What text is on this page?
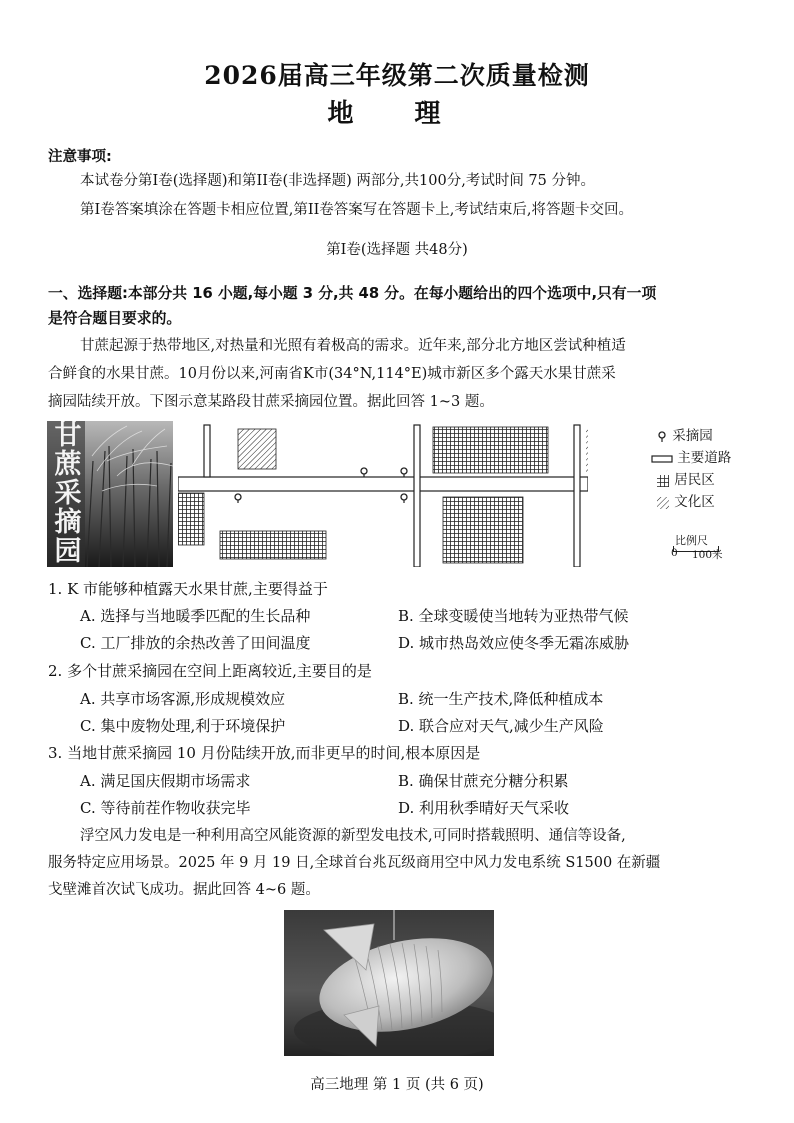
2026届高三年级第二次质量检测
地 理
注意事项:
本试卷分第I卷(选择题)和第II卷(非选择题) 两部分,共100分,考试时间 75 分钟。
第I卷答案填涂在答题卡相应位置,第II卷答案写在答题卡上,考试结束后,将答题卡交回。
第I卷(选择题 共48分)
一、选择题:本部分共 16 小题,每小题 3 分,共 48 分。在每小题给出的四个选项中,只有一项
是符合题目要求的。
甘蔗起源于热带地区,对热量和光照有着极高的需求。近年来,部分北方地区尝试种植适
合鲜食的水果甘蔗。10月份以来,河南省K市(34°N,114°E)城市新区多个露天水果甘蔗采
摘园陆续开放。下图示意某路段甘蔗采摘园位置。据此回答 1~3 题。
甘
蔗
采
摘
园
采摘园
主要道路
居民区
文化区
比例尺
0 100米
1. K 市能够种植露天水果甘蔗,主要得益于
A. 选择与当地暖季匹配的生长品种	B. 全球变暖使当地转为亚热带气候
C. 工厂排放的余热改善了田间温度	D. 城市热岛效应使冬季无霜冻威胁
2. 多个甘蔗采摘园在空间上距离较近,主要目的是
A. 共享市场客源,形成规模效应	B. 统一生产技术,降低种植成本
C. 集中废物处理,利于环境保护	D. 联合应对天气,减少生产风险
3. 当地甘蔗采摘园 10 月份陆续开放,而非更早的时间,根本原因是
A. 满足国庆假期市场需求	B. 确保甘蔗充分糖分积累
C. 等待前茬作物收获完毕	D. 利用秋季晴好天气采收
浮空风力发电是一种利用高空风能资源的新型发电技术,可同时搭载照明、通信等设备,
服务特定应用场景。2025 年 9 月 19 日,全球首台兆瓦级商用空中风力发电系统 S1500 在新疆
戈壁滩首次试飞成功。据此回答 4~6 题。
高三地理 第 1 页 (共 6 页)
